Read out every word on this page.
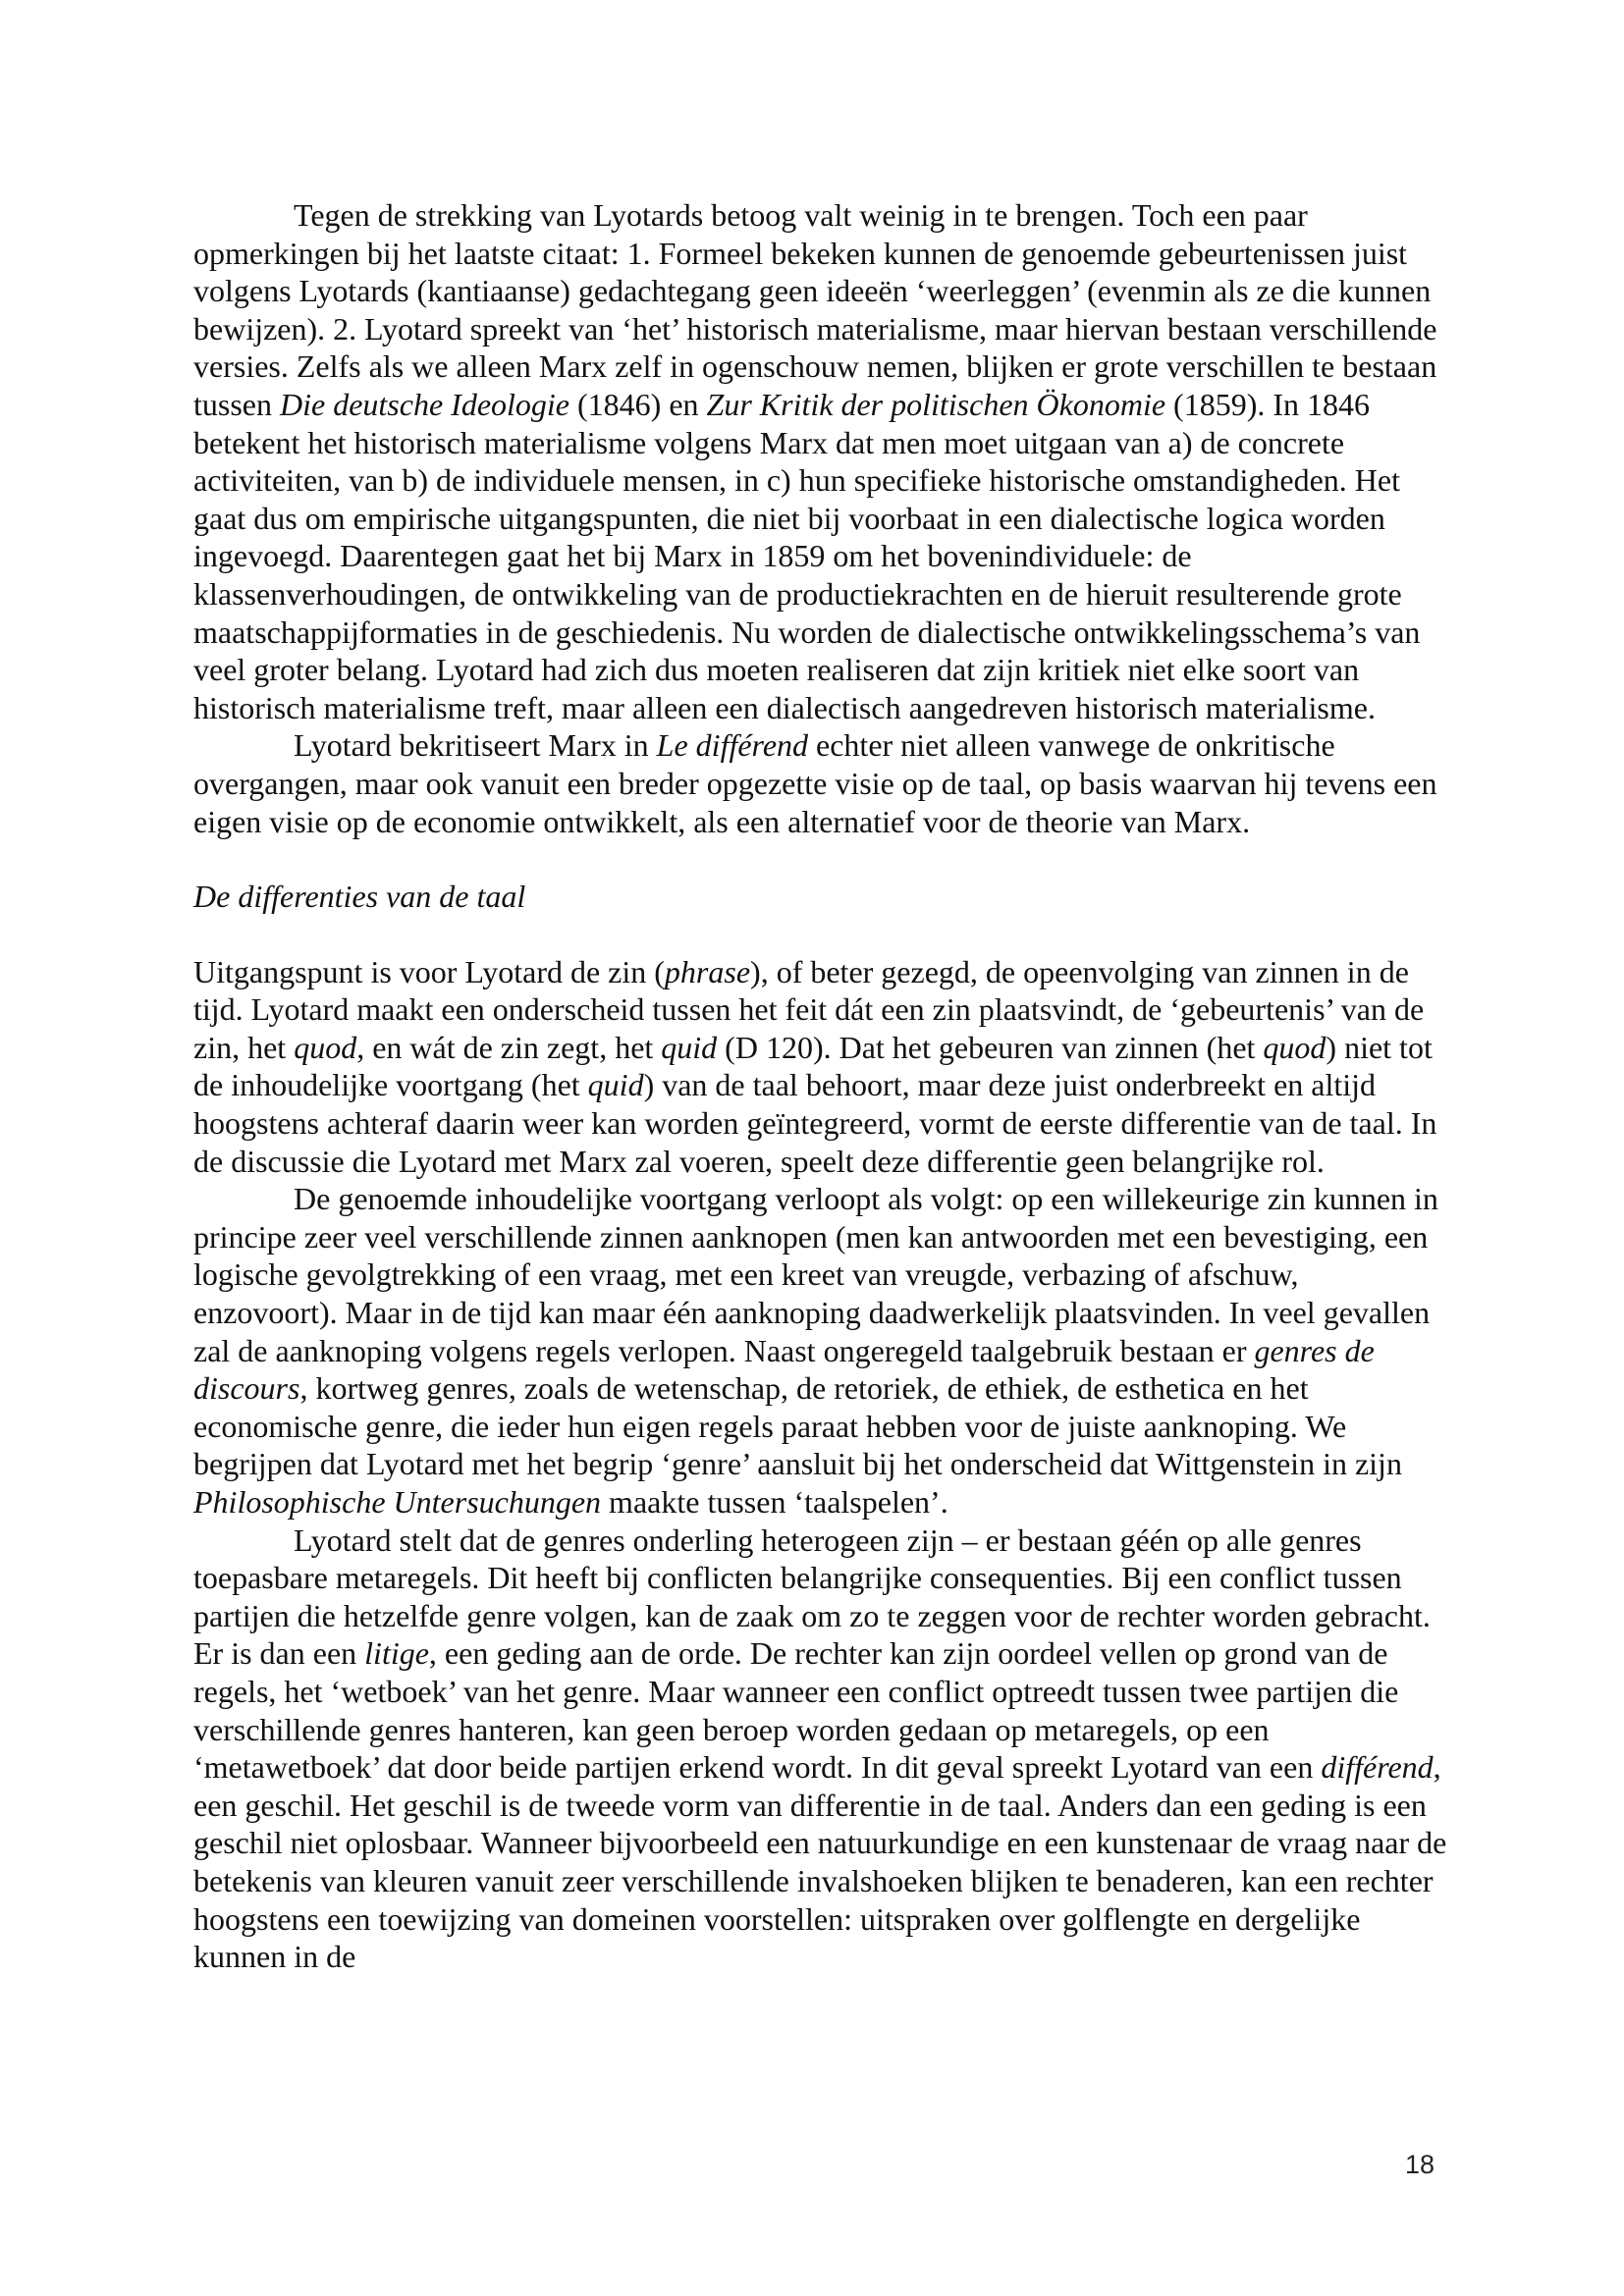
Tegen de strekking van Lyotards betoog valt weinig in te brengen. Toch een paar opmerkingen bij het laatste citaat: 1. Formeel bekeken kunnen de genoemde gebeurtenissen juist volgens Lyotards (kantiaanse) gedachtegang geen ideeën ‘weerleggen’ (evenmin als ze die kunnen bewijzen). 2. Lyotard spreekt van ‘het’ historisch materialisme, maar hiervan bestaan verschillende versies. Zelfs als we alleen Marx zelf in ogenschouw nemen, blijken er grote verschillen te bestaan tussen Die deutsche Ideologie (1846) en Zur Kritik der politischen Ökonomie (1859). In 1846 betekent het historisch materialisme volgens Marx dat men moet uitgaan van a) de concrete activiteiten, van b) de individuele mensen, in c) hun specifieke historische omstandigheden. Het gaat dus om empirische uitgangspunten, die niet bij voorbaat in een dialectische logica worden ingevoegd. Daarentegen gaat het bij Marx in 1859 om het bovenindividuele: de klassenverhoudingen, de ontwikkeling van de productiekrachten en de hieruit resulterende grote maatschappijformaties in de geschiedenis. Nu worden de dialectische ontwikkelingsschema’s van veel groter belang. Lyotard had zich dus moeten realiseren dat zijn kritiek niet elke soort van historisch materialisme treft, maar alleen een dialectisch aangedreven historisch materialisme.

Lyotard bekritiseert Marx in Le différend echter niet alleen vanwege de onkritische overgangen, maar ook vanuit een breder opgezette visie op de taal, op basis waarvan hij tevens een eigen visie op de economie ontwikkelt, als een alternatief voor de theorie van Marx.

De differenties van de taal

Uitgangspunt is voor Lyotard de zin (phrase), of beter gezegd, de opeenvolging van zinnen in de tijd. Lyotard maakt een onderscheid tussen het feit dát een zin plaatsvindt, de ‘gebeurtenis’ van de zin, het quod, en wát de zin zegt, het quid (D 120). Dat het gebeuren van zinnen (het quod) niet tot de inhoudelijke voortgang (het quid) van de taal behoort, maar deze juist onderbreekt en altijd hoogstens achteraf daarin weer kan worden geïntegreerd, vormt de eerste differentie van de taal. In de discussie die Lyotard met Marx zal voeren, speelt deze differentie geen belangrijke rol.

De genoemde inhoudelijke voortgang verloopt als volgt: op een willekeurige zin kunnen in principe zeer veel verschillende zinnen aanknopen (men kan antwoorden met een bevestiging, een logische gevolgtrekking of een vraag, met een kreet van vreugde, verbazing of afschuw, enzovoort). Maar in de tijd kan maar één aanknoping daadwerkelijk plaatsvinden. In veel gevallen zal de aanknoping volgens regels verlopen. Naast ongeregeld taalgebruik bestaan er genres de discours, kortweg genres, zoals de wetenschap, de retoriek, de ethiek, de esthetica en het economische genre, die ieder hun eigen regels paraat hebben voor de juiste aanknoping. We begrijpen dat Lyotard met het begrip ‘genre’ aansluit bij het onderscheid dat Wittgenstein in zijn Philosophische Untersuchungen maakte tussen ‘taalspelen’.

Lyotard stelt dat de genres onderling heterogeen zijn – er bestaan géén op alle genres toepasbare metaregels. Dit heeft bij conflicten belangrijke consequenties. Bij een conflict tussen partijen die hetzelfde genre volgen, kan de zaak om zo te zeggen voor de rechter worden gebracht. Er is dan een litige, een geding aan de orde. De rechter kan zijn oordeel vellen op grond van de regels, het ‘wetboek’ van het genre. Maar wanneer een conflict optreedt tussen twee partijen die verschillende genres hanteren, kan geen beroep worden gedaan op metaregels, op een ‘metawetboek’ dat door beide partijen erkend wordt. In dit geval spreekt Lyotard van een différend, een geschil. Het geschil is de tweede vorm van differentie in de taal. Anders dan een geding is een geschil niet oplosbaar. Wanneer bijvoorbeeld een natuurkundige en een kunstenaar de vraag naar de betekenis van kleuren vanuit zeer verschillende invalshoeken blijken te benaderen, kan een rechter hoogstens een toewijzing van domeinen voorstellen: uitspraken over golflengte en dergelijke kunnen in de

18
